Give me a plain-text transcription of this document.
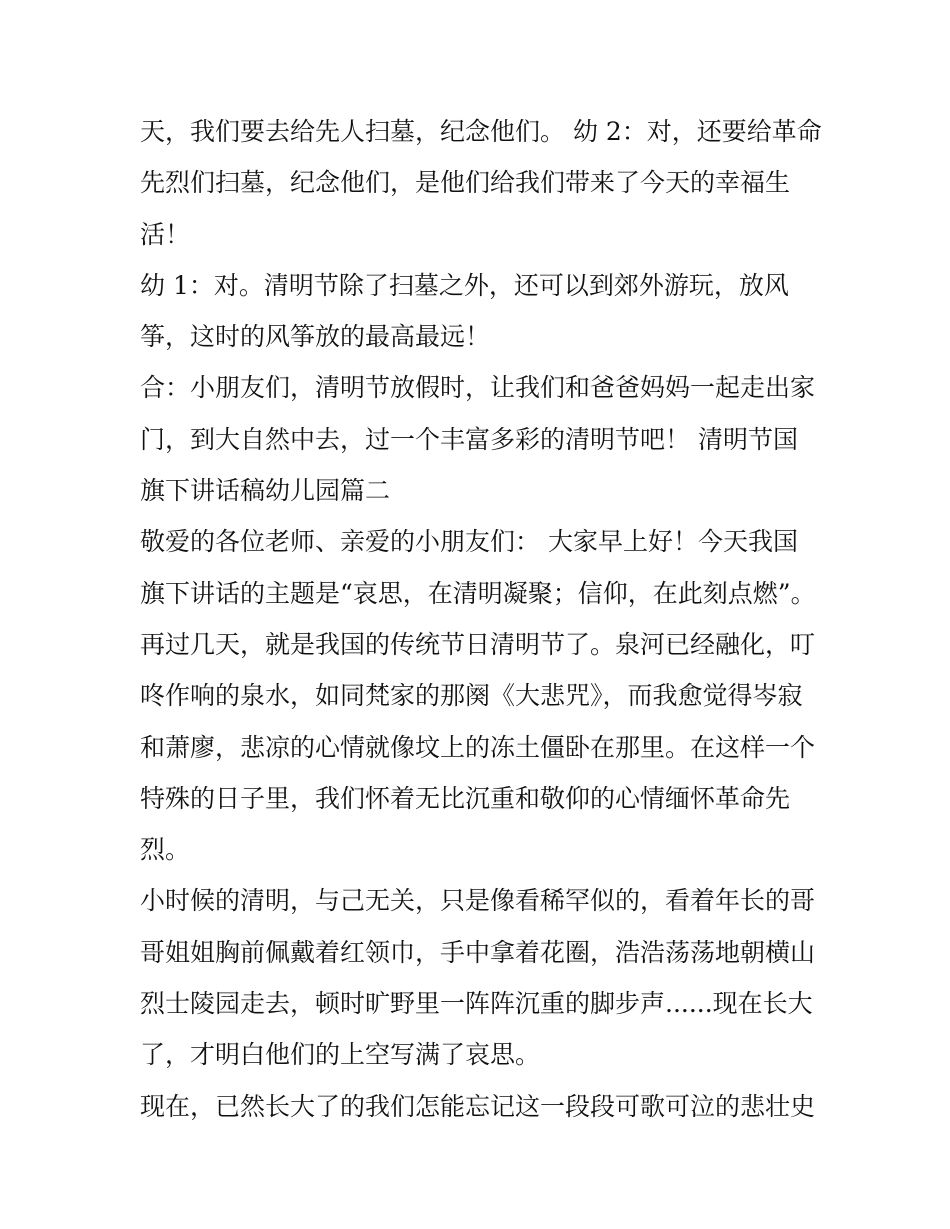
天，我们要去给先人扫墓，纪念他们。 幼 2：对，还要给革命

先烈们扫墓，纪念他们，是他们给我们带来了今天的幸福生

活！

幼 1：对。清明节除了扫墓之外，还可以到郊外游玩，放风

筝，这时的风筝放的最高最远！

合：小朋友们，清明节放假时，让我们和爸爸妈妈一起走出家

门，到大自然中去，过一个丰富多彩的清明节吧！ 清明节国

旗下讲话稿幼儿园篇二

敬爱的各位老师、亲爱的小朋友们： 大家早上好！今天我国

旗下讲话的主题是“哀思，在清明凝聚；信仰，在此刻点燃”。

再过几天，就是我国的传统节日清明节了。泉河已经融化，叮

咚作响的泉水，如同梵家的那阕《大悲咒》，而我愈觉得岑寂

和萧廖，悲凉的心情就像坟上的冻土僵卧在那里。在这样一个

特殊的日子里，我们怀着无比沉重和敬仰的心情缅怀革命先

烈。

小时候的清明，与己无关，只是像看稀罕似的，看着年长的哥

哥姐姐胸前佩戴着红领巾，手中拿着花圈，浩浩荡荡地朝横山

烈士陵园走去，顿时旷野里一阵阵沉重的脚步声......现在长大

了，才明白他们的上空写满了哀思。

现在，已然长大了的我们怎能忘记这一段段可歌可泣的悲壮史
